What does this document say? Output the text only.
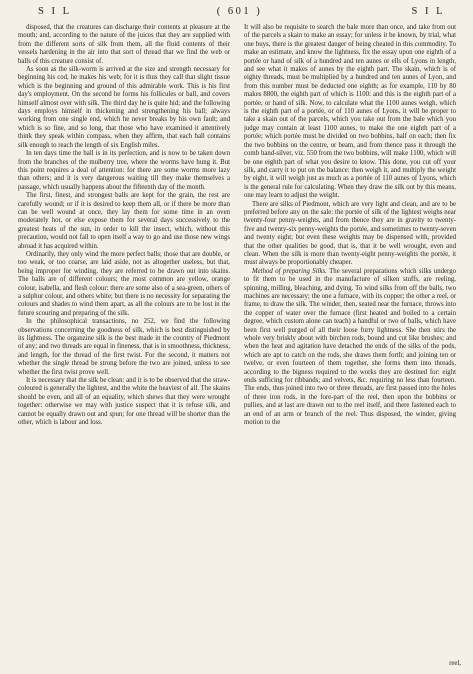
S I L	( 601 )	S I L

disposed, that the creatures can discharge their contents at pleasure at the mouth; and, according to the nature of the juices that they are supplied with from the different sorts of silk from them, all the fluid contents of their vessels hardening in the air into that sort of thread that we find the web or balls of this creature consist of.

As soon as the silk-worm is arrived at the size and strength necessary for beginning his cod, he makes his web; for it is thus they call that slight tissue which is the beginning and ground of this admirable work. This is his first day's employment. On the second he forms his follicules or ball, and covers himself almost over with silk. The third day he is quite hid; and the following days employs himself in thickening and strengthening his ball; always working from one single end, which he never breaks by his own fault; and which is so fine, and so long, that those who have examined it attentively think they speak within compass, when they affirm, that each ball contains silk enough to reach the length of six English miles.

In ten days time the ball is in its perfection, and is now to be taken down from the branches of the mulberry tree, where the worms have hung it. But this point requires a deal of attention: for there are some worms more lazy than others; and it is very dangerous waiting till they make themselves a passage, which usually happens about the fifteenth day of the month.

The first, finest, and strongest balls are kept for the grain, the rest are carefully wound; or if it is desired to keep them all, or if there be more than can be well wound at once, they lay them for some time in an oven moderately hot, or else expose them for several days successively to the greatest heats of the sun, in order to kill the insect, which, without this precaution, would not fail to open itself a way to go and use those new wings abroad it has acquired within.

Ordinarily, they only wind the more perfect balls; those that are double, or too weak, or too coarse, are laid aside, not as altogether useless, but that, being improper for winding, they are referred to be drawn out into skains. The balls are of different colours; the most common are yellow, orange colour, isabella, and flesh colour: there are some also of a sea-green, others of a sulphur colour, and others white; but there is no necessity for separating the colours and shades to wind them apart, as all the colours are to be lost in the future scouring and preparing of the silk.

In the philosophical transactions, no 252, we find the following observations concerning the goodness of silk, which is best distinguished by its lightness. The organzine silk is the best made in the country of Piedmont of any; and two threads are equal in fineness, that is in smoothness, thickness, and length, for the thread of the first twist. For the second, it matters not whether the single thread be strong before the two are joined, unless to see whether the first twist prove well.

It is necessary that the silk be clean: and it is to be observed that the straw-coloured is generally the lightest, and the white the heaviest of all. The skains should be even, and all of an equality, which shews that they were wrought together: otherwise we may with justice suspect that it is refuse silk, and cannot be equally drawn out and spun; for one thread will be shorter than the other, which is labour and loss.

It will also be requisite to search the bale more than once, and take from out of the parcels a skain to make an essay; for unless it be known, by trial, what one buys, there is the greatest danger of being cheated in this commodity. To make an estimate, and know the lightness, fix the essay upon one eighth of a portée or hand of silk of a hundred and ten aunes or ells of Lyons in length, and see what it makes of aunes by the eighth part. The skain, which is of eighty threads, must be multiplied by a hundred and ten aunes of Lyon, and from this number must be deducted one eighth; as for example, 110 by 80 makes 8800, the eighth part of which is 1100: and this is the eighth part of a portée, or hand of silk. Now, to calculate what the 1100 aunes weigh, which is the eighth part of a portée, or of 110 aunes of Lyons, it will be proper to take a skain out of the parcels, which you take out from the bale which you judge may contain at least 1100 aunes, to make the one eighth part of a portée; which portée must be divided on two bobbins, half on each; then fix the two bobbins on the centre, or beam, and from thence pass it through the comb hand-silver, viz. 550 from the two bobbins, will make 1100, which will be one eighth part of what you desire to know. This done, you cut off your silk, and carry it to put on the balance: then weigh it, and multiply the weight by eight, it will weigh just as much as a portée of 110 aunes of Lyons, which is the general rule for calculating. When they draw the silk out by this means, one may learn to adjust the weight.

There are silks of Piedmont, which are very light and clean, and are to be preferred before any on the sale: the portée of silk of the lightest weighs near twenty-four penny-weights, and from thence they are in gravity to twenty-five and twenty-six penny-weights the portée, and sometimes to twenty-seven and twenty eight; but even these weights may be dispensed with, provided that the other qualities be good, that is, that it be well wrought, even and clean. When the silk is more than twenty-eight penny-weights the portée, it must always be proportionably cheaper.

Method of preparing Silks. The several preparations which silks undergo to fit them to be used in the manufacture of silken stuffs, are reeling, spinning, milling, bleaching, and dying. To wind silks from off the balls, two machines are necessary; the one a furnace, with its copper; the other a reel, or frame, to draw the silk. The winder, then, seated near the furnace, throws into the copper of water over the furnace (first heated and boiled to a certain degree, which custom alone can teach) a handful or two of balls, which have been first well purged of all their loose furry lightness. She then stirs the whole very briskly about with birchen rods, bound and cut like brushes; and when the heat and agitation have detached the ends of the silks of the pods, which are apt to catch on the rods, she draws them forth; and joining ten or twelve, or even fourteen of them together, she forms them into threads, according to the bigness required to the works they are destined for: eight ends sufficing for ribbands; and velvets, &c. requiring no less than fourteen. The ends, thus joined into two or three threads, are first passed into the holes of three iron rods, in the fore-part of the reel, then upon the bobbins or pullies, and at last are drawn out to the reel itself, and there fastened each to an end of an arm or branch of the reel. Thus disposed, the winder, giving motion to the

reel,
